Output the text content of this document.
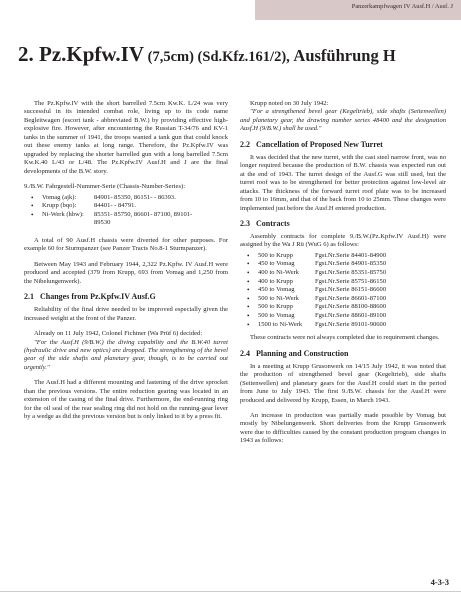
Panzerkampfwagen IV Ausf.H / Ausf. J
2. Pz.Kpfw.IV (7,5cm) (Sd.Kfz.161/2), Ausführung H

The Pz.Kpfw.IV with the short barrelled 7.5cm Kw.K. L/24 was very successful in its intended combat role, living up to its code name Begleitwagen (escort tank - abbreviated B.W.) by providing effective high-explosive fire. However, after encountering the Russian T-34/76 and KV-1 tanks in the summer of 1941, the troops wanted a tank gun that could knock out these enemy tanks at long range. Therefore, the Pz.Kpfw.IV was upgraded by replacing the shorter barrelled gun with a long barrelled 7.5cm Kw.K.40 L/43 or L/48. The Pz.Kpfw.IV Ausf.H and J are the final developments of the B.W. story.

9./B.W. Fahrgestell-Nummer-Serie (Chassis-Number-Series):

• Vomag (ajk):	84901- 85350, 86151- - 86393.
• Krupp (bqo):	84401- - 84791.
• Ni-Werk (hbw): 85351- 85750, 86601- 87100, 89101-
89530

A total of 90 Ausf.H chassis were diverted for other purposes. For example 60 for Sturmpanzer (see Panzer Tracts No.8-1 Sturmpanzer).

Between May 1943 and February 1944, 2,322 Pz.Kpfw. IV Ausf.H were produced and accepted (379 from Krupp, 693 from Vomag and 1,250 from the Nibelungenwerk).

2.1 Changes from Pz.Kpfw.IV Ausf.G

Reliability of the final drive needed to be improved especially given the increased weight at the front of the Panzer.

Already on 11 July 1942, Colonel Fichtner (Wa Prüf 6) decided:

"For the Ausf.H (9/B.W.) the diving capability and the B.W.40 turret (hydraulic drive and new optics) are dropped. The strengthening of the bevel gear of the side shafts and planetary gear, though, is to be carried out urgently."

The Ausf.H had a different mounting and fastening of the drive sprocket than the previous versions. The entire reduction gearing was located in an extension of the casing of the final drive. Furthermore, the end-running ring for the oil seal of the rear sealing ring did not hold on the running-gear lever by a wedge as did the previous version but is only linked to it by a press fit.

Krupp noted on 30 July 1942:

"For a strengthened bevel gear (Kegeltrieb), side shafts (Seitenwellen) and planetary gear, the drawing number series 48400 and the designation Ausf.H (9/B.W.) shall be used."

2.2 Cancellation of Proposed New Turret

It was decided that the new turret, with the cast steel narrow front, was no longer required because the production of B.W. chassis was expected run out at the end of 1943. The turret design of the Ausf.G was still used, but the turret roof was to be strengthened for better protection against low-level air attacks. The thickness of the forward turret roof plate was to be increased from 10 to 16mm, and that of the back from 10 to 25mm. These changes were implemented just before the Ausf.H entered production.

2.3 Contracts

Assembly contracts for complete 9./B.W.(Pz.Kpfw.IV Ausf.H) were assigned by the Wa J Rü (WuG 6) as follows:

• 500 to Krupp	Fgst.Nr.Serie 84401-84900
• 450 to Vomag	Fgst.Nr.Serie 84901-85350
• 400 to Ni-Werk Fgst.Nr.Serie 85351-85750
• 400 to Krupp	Fgst.Nr.Serie 85751-86150
• 450 to Vomag	Fgst.Nr.Serie 86151-86600
• 500 to Ni-Werk Fgst.Nr.Serie 86601-87100
• 500 to Krupp	Fgst.Nr.Serie 88100-88600
• 500 to Vomag	Fgst.Nr.Serie 88601-89100
• 1500 to Ni-Werk Fgst.Nr.Serie 89101-90600

These contracts were not always completed due to requirement changes.

2.4 Planning and Construction

In a meeting at Krupp Grusonwerk on 14/15 July 1942, it was noted that the production of strengthened bevel gear (Kegeltrieb), side shafts (Seitenwellen) and planetary gears for the Ausf.H could start in the period from June to July 1943. The first 9./B.W. chassis for the Ausf.H were produced and delivered by Krupp, Essen, in March 1943.

An increase in production was partially made possible by Vomag but mostly by Nibelungenwerk. Short deliveries from the Krupp Grusonwerk were due to difficulties caused by the constant production program changes in 1943 as follows:

4-3-3
